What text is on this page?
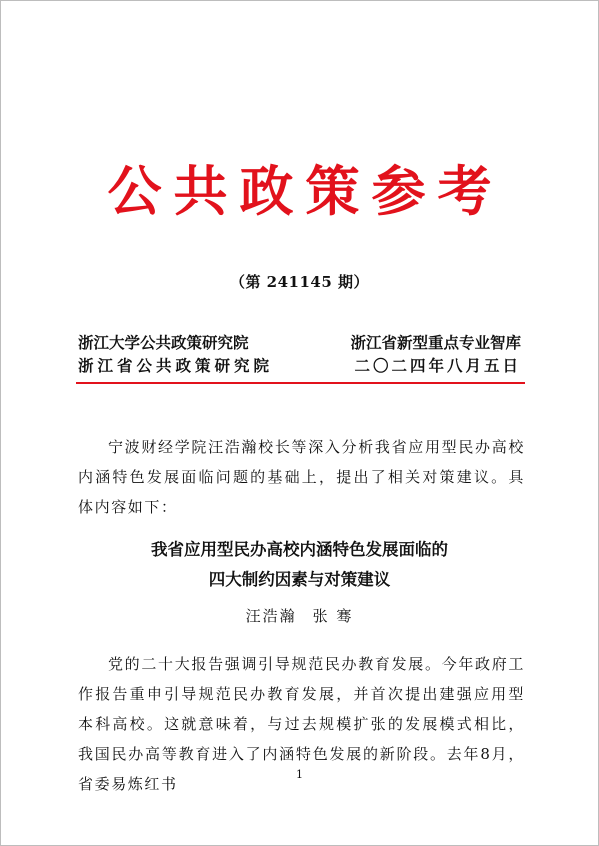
公共政策参考
（第 241145 期）
浙江大学公共政策研究院	浙江省新型重点专业智库
浙江省公共政策研究院	二〇二四年八月五日

宁波财经学院汪浩瀚校长等深入分析我省应用型民办高校内涵特色发展面临问题的基础上，提出了相关对策建议。具体内容如下：

我省应用型民办高校内涵特色发展面临的
四大制约因素与对策建议
汪浩瀚 张 骞

党的二十大报告强调引导规范民办教育发展。今年政府工作报告重申引导规范民办教育发展，并首次提出建强应用型本科高校。这就意味着，与过去规模扩张的发展模式相比，我国民办高等教育进入了内涵特色发展的新阶段。去年8月，省委易炼红书

1
